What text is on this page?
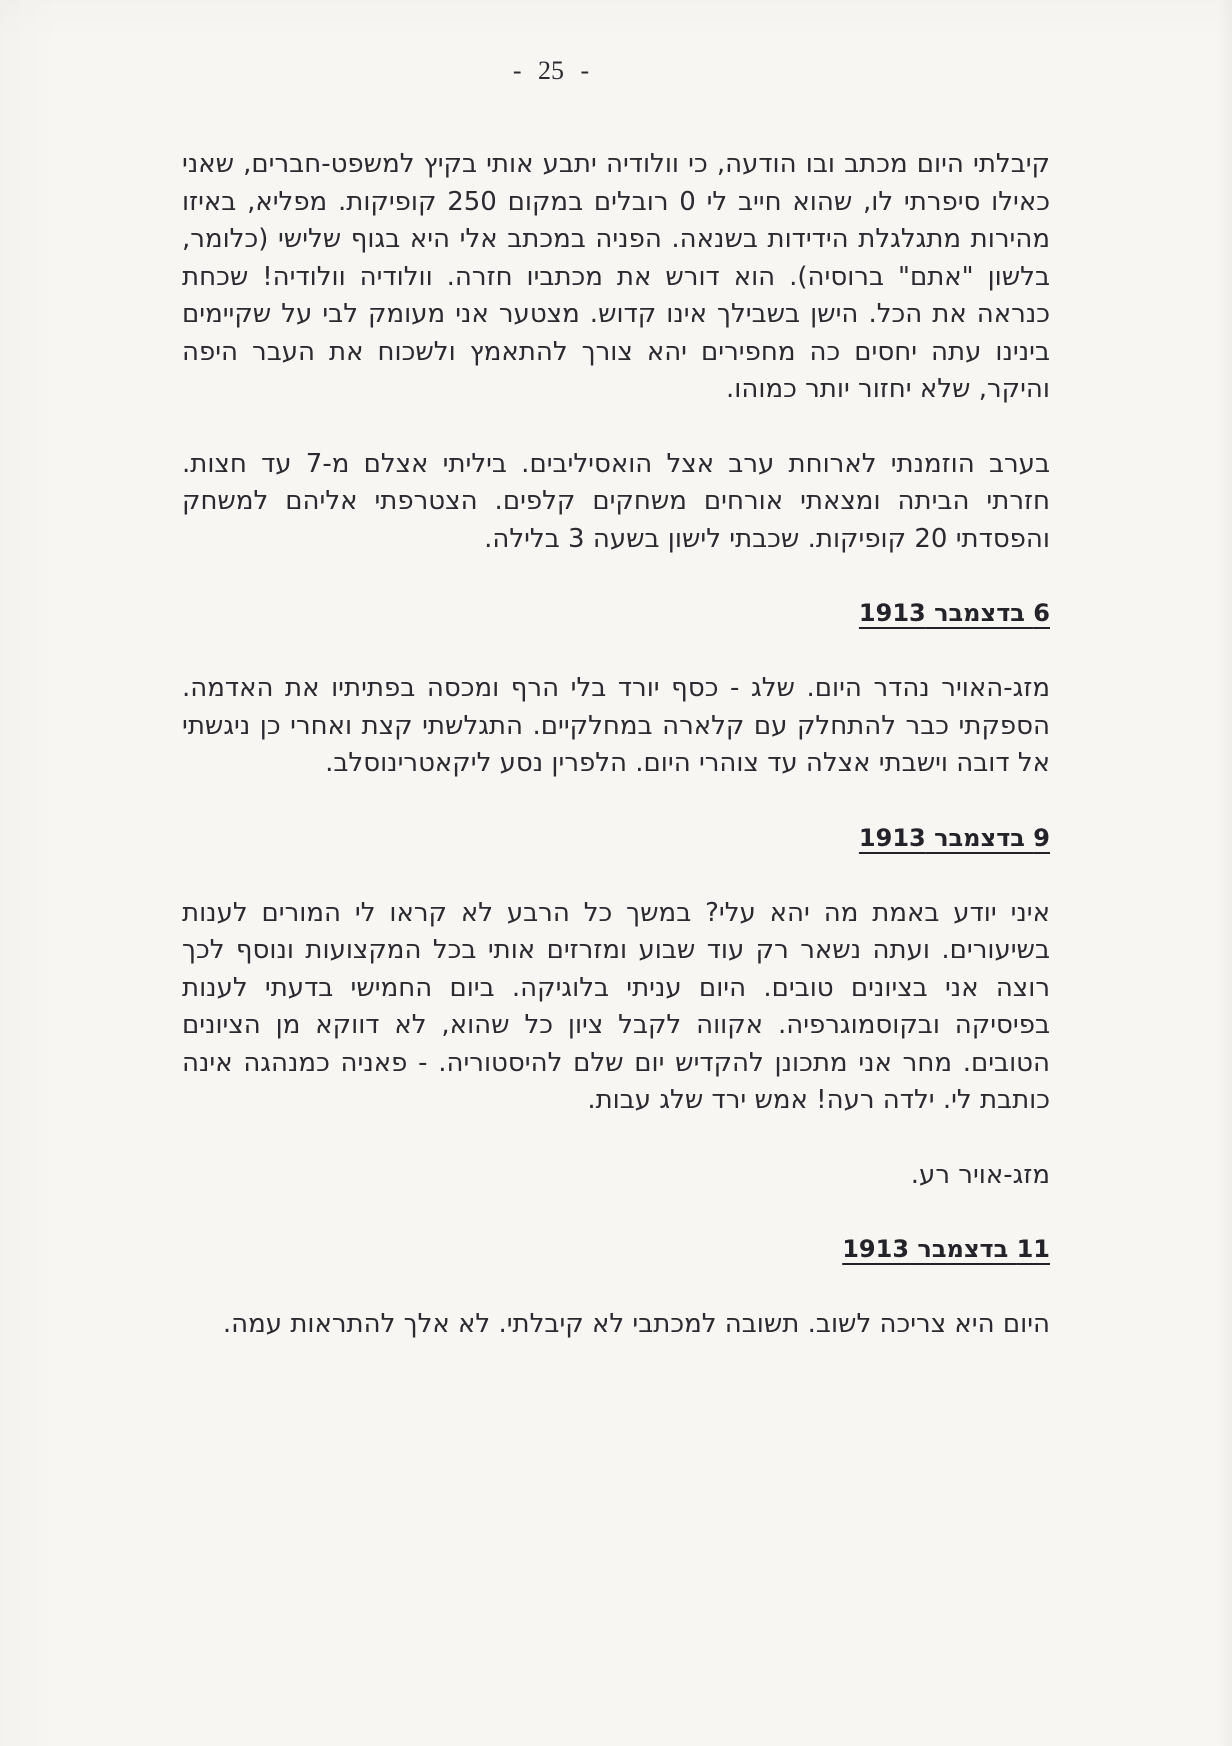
- 25 -

קיבלתי היום מכתב ובו הודעה, כי וולודיה יתבע אותי בקיץ למשפט-חברים, שאני כאילו סיפרתי לו, שהוא חייב לי 0 רובלים במקום 250 קופיקות. מפליא, באיזו מהירות מתגלגלת הידידות בשנאה. הפניה במכתב אלי היא בגוף שלישי (כלומר, בלשון "אתם" ברוסיה). הוא דורש את מכתביו חזרה. וולודיה וולודיה! שכחת כנראה את הכל. הישן בשבילך אינו קדוש. מצטער אני מעומק לבי על שקיימים בינינו עתה יחסים כה מחפירים יהא צורך להתאמץ ולשכוח את העבר היפה והיקר, שלא יחזור יותר כמוהו.

בערב הוזמנתי לארוחת ערב אצל הואסיליבים. ביליתי אצלם מ-7 עד חצות. חזרתי הביתה ומצאתי אורחים משחקים קלפים. הצטרפתי אליהם למשחק והפסדתי 20 קופיקות. שכבתי לישון בשעה 3 בלילה.

6 בדצמבר 1913

מזג-האויר נהדר היום. שלג - כסף יורד בלי הרף ומכסה בפתיתיו את האדמה. הספקתי כבר להתחלק עם קלארה במחלקיים. התגלשתי קצת ואחרי כן ניגשתי אל דובה וישבתי אצלה עד צוהרי היום. הלפרין נסע ליקאטרינוסלב.

9 בדצמבר 1913

איני יודע באמת מה יהא עלי? במשך כל הרבע לא קראו לי המורים לענות בשיעורים. ועתה נשאר רק עוד שבוע ומזרזים אותי בכל המקצועות ונוסף לכך רוצה אני בציונים טובים. היום עניתי בלוגיקה. ביום החמישי בדעתי לענות בפיסיקה ובקוסמוגרפיה. אקווה לקבל ציון כל שהוא, לא דווקא מן הציונים הטובים. מחר אני מתכונן להקדיש יום שלם להיסטוריה. - פאניה כמנהגה אינה כותבת לי. ילדה רעה! אמש ירד שלג עבות.

מזג-אויר רע.

11 בדצמבר 1913

היום היא צריכה לשוב. תשובה למכתבי לא קיבלתי. לא אלך להתראות עמה.
